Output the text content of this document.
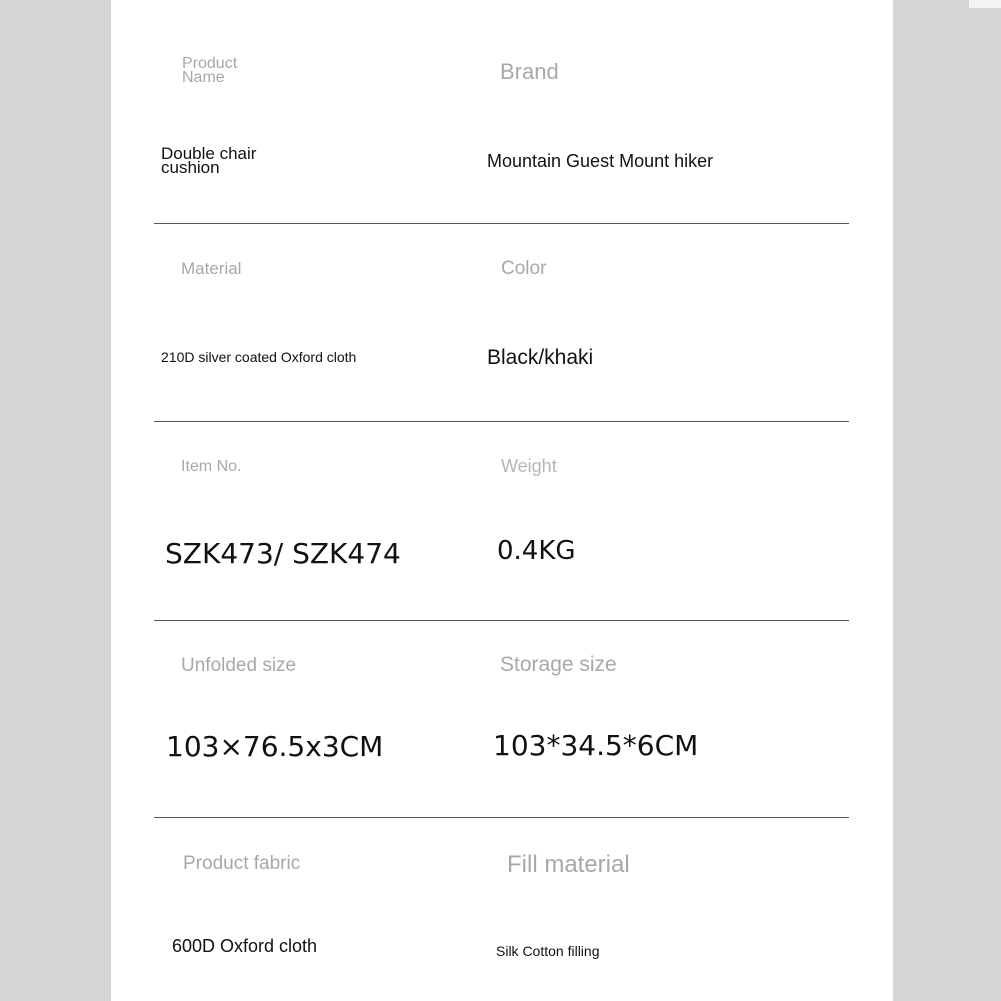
Product Name	Brand
Double chair cushion	Mountain Guest Mount hiker
Material	Color
210D silver coated Oxford cloth	Black/khaki
Item No.	Weight
SZK473/ SZK474	0.4KG
Unfolded size	Storage size
103×76.5x3CM	103*34.5*6CM
Product fabric	Fill material
600D Oxford cloth	Silk Cotton filling
